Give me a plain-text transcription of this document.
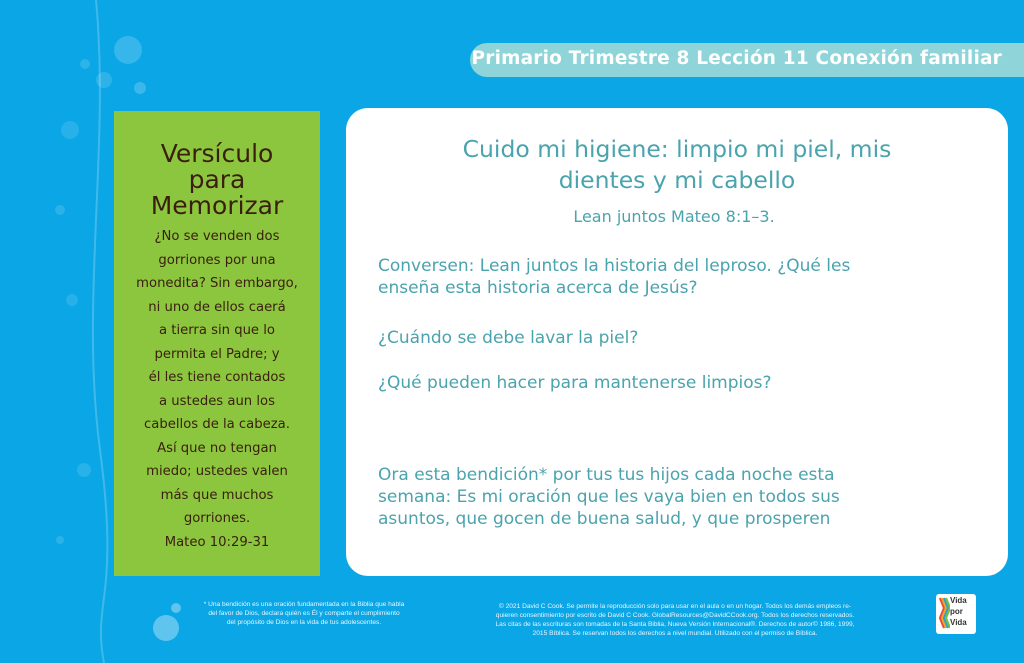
Primario Trimestre 8 Lección 11 Conexión familiar
Versículo
para
Memorizar
¿No se venden dos
gorriones por una
monedita? Sin embargo,
ni uno de ellos caerá
a tierra sin que lo
permita el Padre; y
él les tiene contados
a ustedes aun los
cabellos de la cabeza.
Así que no tengan
miedo; ustedes valen
más que muchos
gorriones.
Mateo 10:29-31
Cuido mi higiene: limpio mi piel, mis
dientes y mi cabello
Lean juntos Mateo 8:1–3.
Conversen: Lean juntos la historia del leproso. ¿Qué les
enseña esta historia acerca de Jesús?
¿Cuándo se debe lavar la piel?
¿Qué pueden hacer para mantenerse limpios?
Ora esta bendición* por tus tus hijos cada noche esta
semana: Es mi oración que les vaya bien en todos sus
asuntos, que gocen de buena salud, y que prosperen
* Una bendición es una oración fundamentada en la Biblia que habla
del favor de Dios, declara quién es Él y comparte el cumplimiento
del propósito de Dios en la vida de tus adolescentes.
© 2021 David C Cook. Se permite la reproducción solo para usar en el aula o en un hogar. Todos los demás empleos re-
quieren consentimiento por escrito de David C Cook. GlobalResources@DavidCCook.org. Todos los derechos reservados.
Las citas de las escrituras son tomadas de la Santa Biblia, Nueva Versión Internacional®. Derechos de autor© 1986, 1999,
2015 Bíblica. Se reservan todos los derechos a nivel mundial. Utilizado con el permiso de Bíblica.
Vida
por
Vida
